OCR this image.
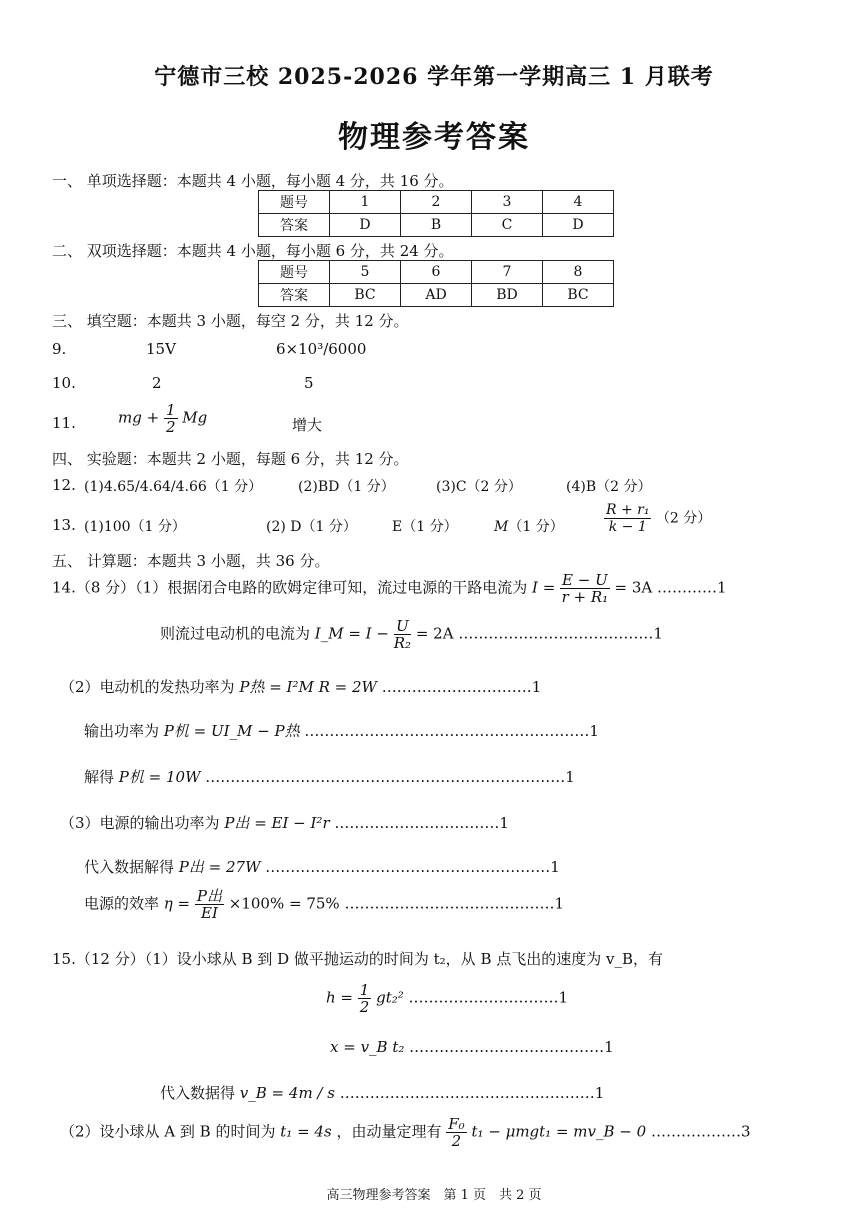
宁德市三校 2025-2026 学年第一学期高三 1 月联考
物理参考答案
一、 单项选择题：本题共 4 小题，每小题 4 分，共 16 分。
题号	1	2	3	4
答案	D	B	C	D
二、 双项选择题：本题共 4 小题，每小题 6 分，共 24 分。
题号	5	6	7	8
答案	BC	AD	BD	BC
三、 填空题：本题共 3 小题，每空 2 分，共 12 分。
9.	15V	6×10³/6000
10.	2	5
11.	mg + $\frac{1}{2}$ Mg	增大
四、 实验题：本题共 2 小题，每题 6 分，共 12 分。
12. (1)4.65/4.64/4.66（1 分）	(2)BD（1 分）	(3)C（2 分）	(4)B（2 分）
13. (1)100（1 分）	(2) D（1 分）	E（1 分）	M（1 分）	$\frac{\text{R + r₁}}{k - 1} (2$ 分）
五、 计算题：本题共 3 小题，共 36 分。
14.（8 分）（1）根据闭合电路的欧姆定律可知，流过电源的干路电流为 $I = \frac{E - U}{\text{r + R₁}} = 3A$ …………1
则流过电动机的电流为 I_M = $I - \frac{U}{\text{R₂}} = 2A$ …………………………………1
（2）电动机的发热功率为 P热 = I²M R = 2W …………………………1
输出功率为 P机 = UI_M − P热 …………………………………………………1
解得 P机 = 10W ………………………………………………………………1
（3）电源的输出功率为 P出 = EI − I²r ……………………………1
代入数据解得 P出 = 27W …………………………………………………1
电源的效率 $\eta = \frac{\text{P出}}{EI} \times 100\% = 75\%$ ……………………………………1
15.（12 分）（1）设小球从 B 到 D 做平抛运动的时间为 t₂，从 B 点飞出的速度为 v_B，有
$h = \frac{1}{2} gt_2^2$ …………………………1
x = v_B t₂ …………………………………1
代入数据得 v_B = 4m / s ……………………………………………1
（2）设小球从 A 到 B 的时间为 t₁ = 4s ，由动量定理有 $\frac{\text{F₀}}{2} t_1 - \mu mgt_1$ = mv_B − 0 ………………3
高三物理参考答案　第 1 页　共 2 页
